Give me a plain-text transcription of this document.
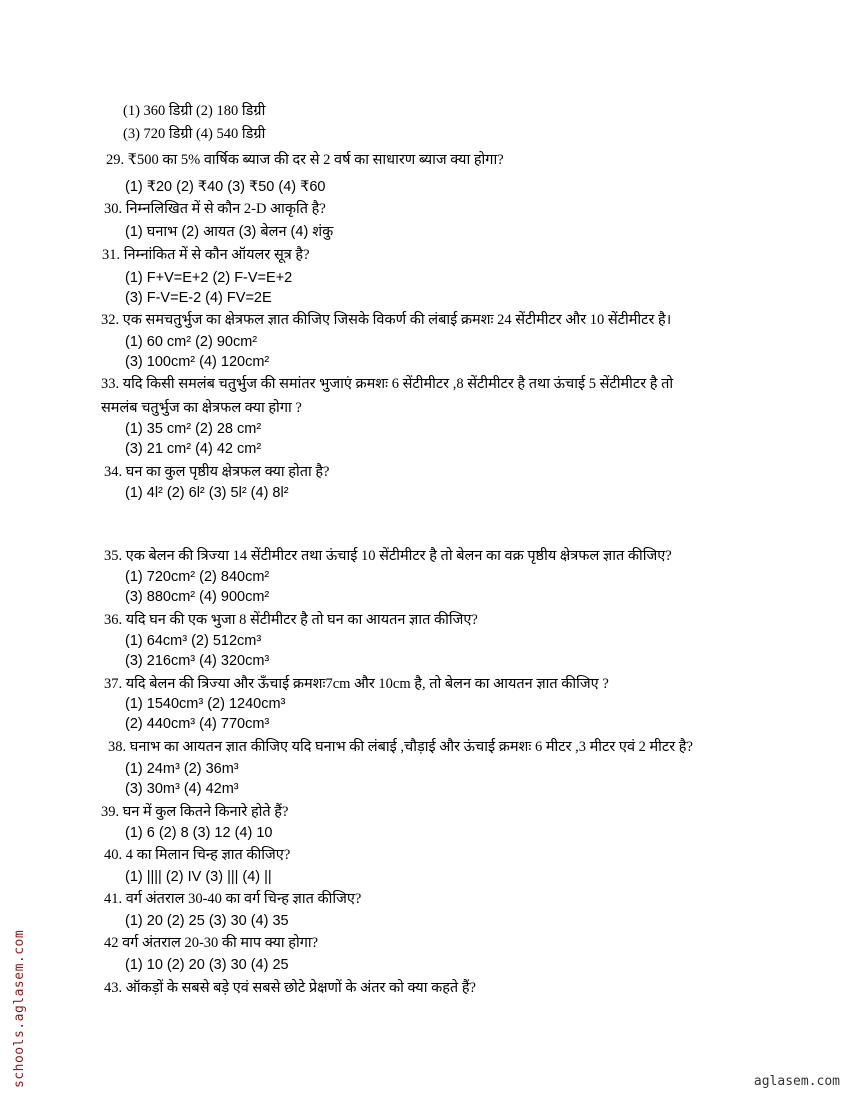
(1) 360 डिग्री (2) 180 डिग्री
(3) 720 डिग्री (4) 540 डिग्री
29. ₹500 का 5% वार्षिक ब्याज की दर से 2 वर्ष का साधारण ब्याज क्या होगा?
(1) ₹20 (2) ₹40 (3) ₹50 (4) ₹60
30. निम्नलिखित में से कौन 2-D आकृति है?
(1) घनाभ (2) आयत (3) बेलन (4) शंकु
31. निम्नांकित में से कौन ऑयलर सूत्र है?
(1) F+V=E+2 (2) F-V=E+2
(3) F-V=E-2 (4) FV=2E
32. एक समचतुर्भुज का क्षेत्रफल ज्ञात कीजिए जिसके विकर्ण की लंबाई क्रमशः 24 सेंटीमीटर और 10 सेंटीमीटर है।
(1) 60 cm² (2) 90cm²
(3) 100cm² (4) 120cm²
33. यदि किसी समलंब चतुर्भुज की समांतर भुजाएं क्रमशः 6 सेंटीमीटर ,8 सेंटीमीटर है तथा ऊंचाई 5 सेंटीमीटर है तो
समलंब चतुर्भुज का क्षेत्रफल क्या होगा ?
(1) 35 cm² (2) 28 cm²
(3) 21 cm² (4) 42 cm²
34. घन का कुल पृष्ठीय क्षेत्रफल क्या होता है?
(1) 4l² (2) 6l² (3) 5l² (4) 8l²
35. एक बेलन की त्रिज्या 14 सेंटीमीटर तथा ऊंचाई 10 सेंटीमीटर है तो बेलन का वक्र पृष्ठीय क्षेत्रफल ज्ञात कीजिए?
(1) 720cm² (2) 840cm²
(3) 880cm² (4) 900cm²
36. यदि घन की एक भुजा 8 सेंटीमीटर है तो घन का आयतन ज्ञात कीजिए?
(1) 64cm³ (2) 512cm³
(3) 216cm³ (4) 320cm³
37. यदि बेलन की त्रिज्या और ऊँचाई क्रमशः7cm और 10cm है, तो बेलन का आयतन ज्ञात कीजिए ?
(1) 1540cm³ (2) 1240cm³
(2) 440cm³ (4) 770cm³
38. घनाभ का आयतन ज्ञात कीजिए यदि घनाभ की लंबाई ,चौड़ाई और ऊंचाई क्रमशः 6 मीटर ,3 मीटर एवं 2 मीटर है?
(1) 24m³ (2) 36m³
(3) 30m³ (4) 42m³
39. घन में कुल कितने किनारे होते हैं?
(1) 6 (2) 8 (3) 12 (4) 10
40. 4 का मिलान चिन्ह ज्ञात कीजिए?
(1) |||| (2) IV (3) ||| (4) ||
41. वर्ग अंतराल 30-40 का वर्ग चिन्ह ज्ञात कीजिए?
(1) 20 (2) 25 (3) 30 (4) 35
42 वर्ग अंतराल 20-30 की माप क्या होगा?
(1) 10 (2) 20 (3) 30 (4) 25
43. ऑकड़ों के सबसे बड़े एवं सबसे छोटे प्रेक्षणों के अंतर को क्या कहते हैं?
schools.aglasem.com	aglasem.com
